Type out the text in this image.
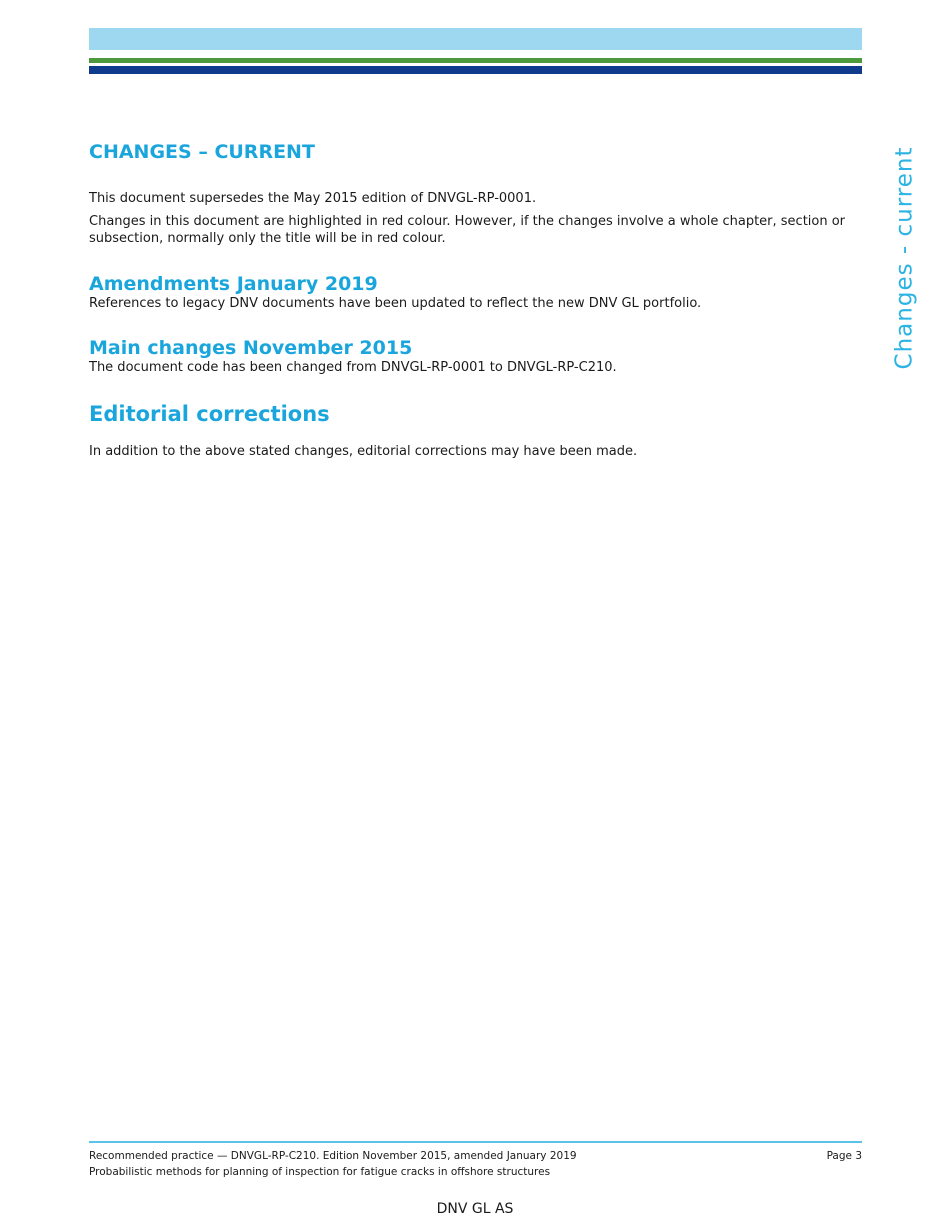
Changes - current
CHANGES – CURRENT

This document supersedes the May 2015 edition of DNVGL-RP-0001.

Changes in this document are highlighted in red colour. However, if the changes involve a whole chapter, section or subsection, normally only the title will be in red colour.

Amendments January 2019

References to legacy DNV documents have been updated to reflect the new DNV GL portfolio.

Main changes November 2015

The document code has been changed from DNVGL-RP-0001 to DNVGL-RP-C210.

Editorial corrections

In addition to the above stated changes, editorial corrections may have been made.

Recommended practice — DNVGL-RP-C210. Edition November 2015, amended January 2019	Page 3
Probabilistic methods for planning of inspection for fatigue cracks in offshore structures
DNV GL AS
